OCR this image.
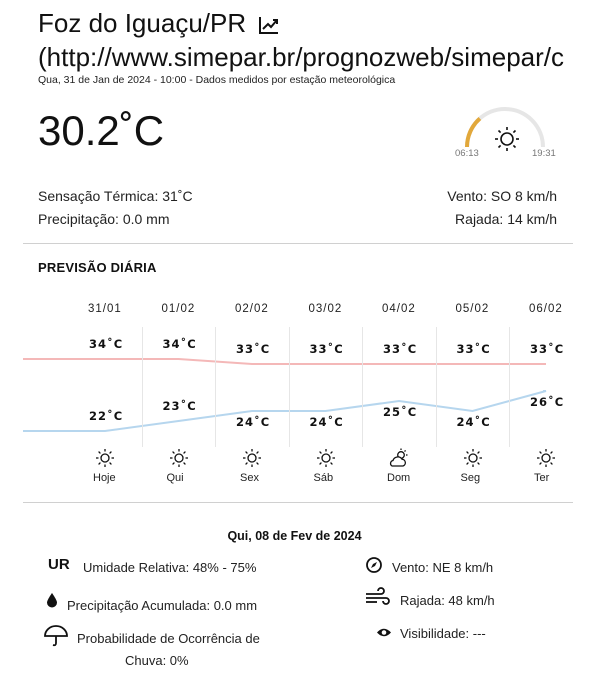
Foz do Iguaçu/PR
(http://www.simepar.br/prognozweb/simepar/c
Qua, 31 de Jan de 2024 - 10:00 - Dados medidos por estação meteorológica
30.2˚C	06:13	19:31
Sensação Térmica: 31˚C
Precipitação: 0.0 mm
Vento: SO 8 km/h
Rajada: 14 km/h
PREVISÃO DIÁRIA
31/01
34˚C
22˚C
Hoje
01/02
34˚C
23˚C
Qui
02/02
33˚C
24˚C
Sex
03/02
33˚C
24˚C
Sáb
04/02
33˚C
25˚C
Dom
05/02
33˚C
24˚C
Seg
06/02
33˚C
26˚C
Ter
Qui, 08 de Fev de 2024
UR Umidade Relativa: 48% - 75%
Precipitação Acumulada: 0.0 mm
Probabilidade de Ocorrência de
Chuva: 0%
Vento: NE 8 km/h
Rajada: 48 km/h
Visibilidade: ---
